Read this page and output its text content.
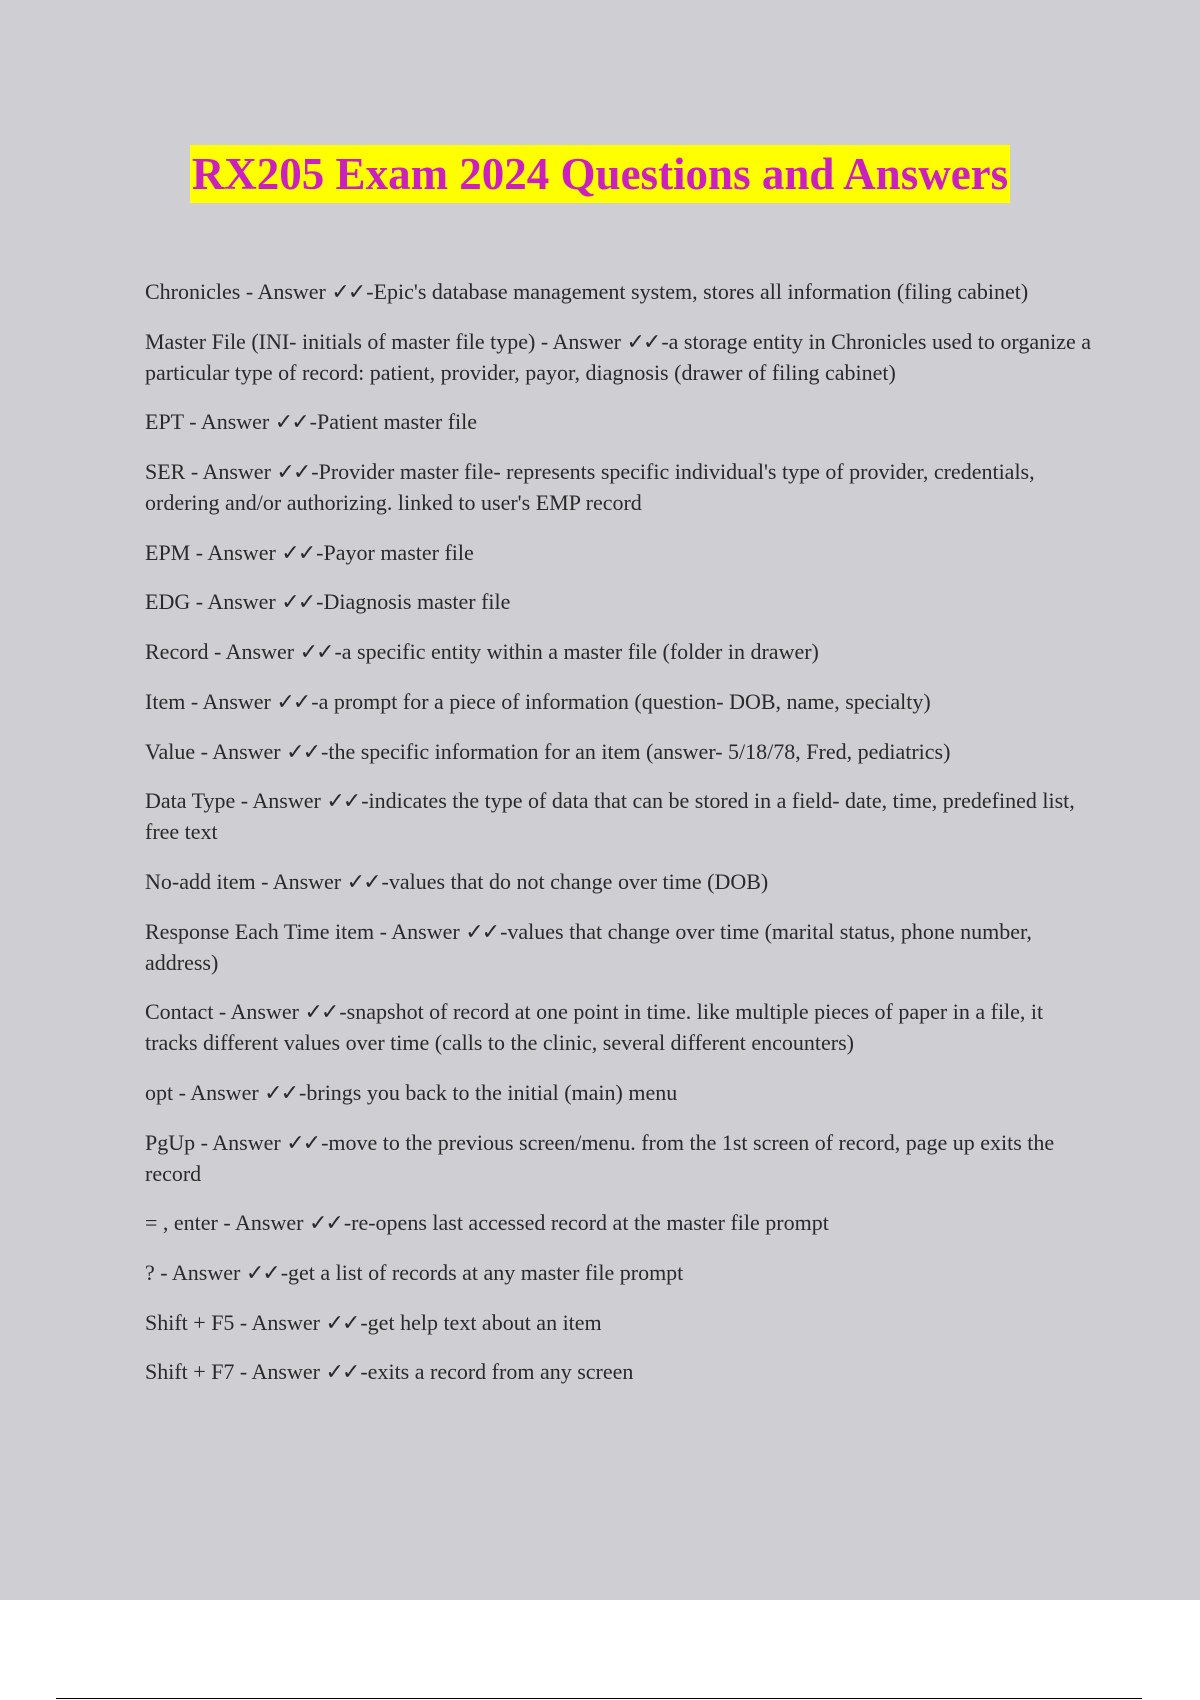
RX205 Exam 2024 Questions and Answers
Chronicles - Answer ✓✓-Epic's database management system, stores all information (filing cabinet)
Master File (INI- initials of master file type) - Answer ✓✓-a storage entity in Chronicles used to organize a particular type of record: patient, provider, payor, diagnosis (drawer of filing cabinet)
EPT - Answer ✓✓-Patient master file
SER - Answer ✓✓-Provider master file- represents specific individual's type of provider, credentials, ordering and/or authorizing. linked to user's EMP record
EPM - Answer ✓✓-Payor master file
EDG - Answer ✓✓-Diagnosis master file
Record - Answer ✓✓-a specific entity within a master file (folder in drawer)
Item - Answer ✓✓-a prompt for a piece of information (question- DOB, name, specialty)
Value - Answer ✓✓-the specific information for an item (answer- 5/18/78, Fred, pediatrics)
Data Type - Answer ✓✓-indicates the type of data that can be stored in a field- date, time, predefined list, free text
No-add item - Answer ✓✓-values that do not change over time (DOB)
Response Each Time item - Answer ✓✓-values that change over time (marital status, phone number, address)
Contact - Answer ✓✓-snapshot of record at one point in time. like multiple pieces of paper in a file, it tracks different values over time (calls to the clinic, several different encounters)
opt - Answer ✓✓-brings you back to the initial (main) menu
PgUp - Answer ✓✓-move to the previous screen/menu. from the 1st screen of record, page up exits the record
= , enter - Answer ✓✓-re-opens last accessed record at the master file prompt
? - Answer ✓✓-get a list of records at any master file prompt
Shift + F5 - Answer ✓✓-get help text about an item
Shift + F7 - Answer ✓✓-exits a record from any screen
